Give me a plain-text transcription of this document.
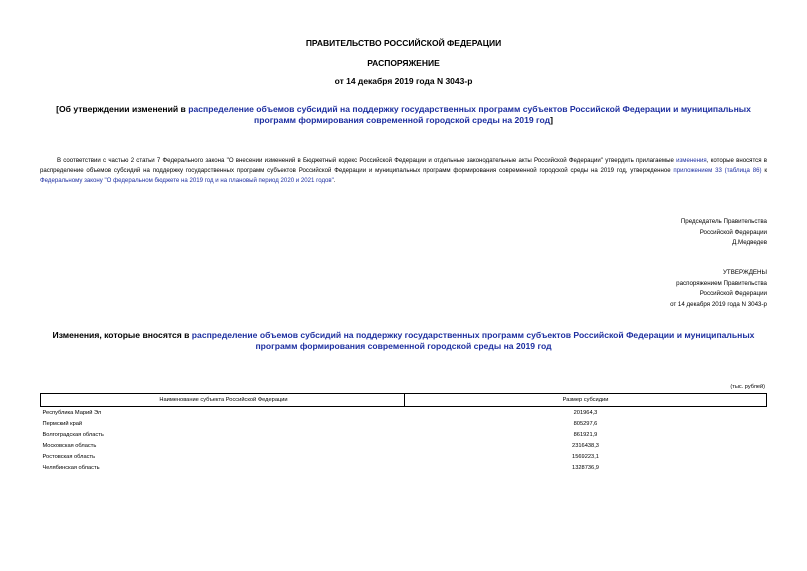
ПРАВИТЕЛЬСТВО РОССИЙСКОЙ ФЕДЕРАЦИИ
РАСПОРЯЖЕНИЕ
от 14 декабря 2019 года N 3043-р
[Об утверждении изменений в распределение объемов субсидий на поддержку государственных программ субъектов Российской Федерации и муниципальных программ формирования современной городской среды на 2019 год]
В соответствии с частью 2 статьи 7 Федерального закона "О внесении изменений в Бюджетный кодекс Российской Федерации и отдельные законодательные акты Российской Федерации" утвердить прилагаемые изменения, которые вносятся в распределение объемов субсидий на поддержку государственных программ субъектов Российской Федерации и муниципальных программ формирования современной городской среды на 2019 год, утвержденное приложением 33 (таблица 86) к Федеральному закону "О федеральном бюджете на 2019 год и на плановый период 2020 и 2021 годов".
Председатель Правительства
Российской Федерации
Д.Медведев
УТВЕРЖДЕНЫ
распоряжением Правительства
Российской Федерации
от 14 декабря 2019 года N 3043-р
Изменения, которые вносятся в распределение объемов субсидий на поддержку государственных программ субъектов Российской Федерации и муниципальных программ формирования современной городской среды на 2019 год
(тыс. рублей)
Наименование субъекта Российской Федерации	Размер субсидии
Республика Марий Эл	201964,3
Пермский край	805297,6
Волгоградская область	861921,9
Московская область	2316438,3
Ростовская область	1569223,1
Челябинская область	1328736,9
